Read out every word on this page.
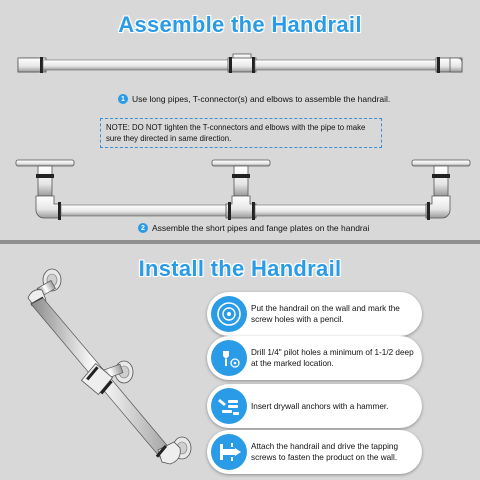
Assemble the Handrail
1 Use long pipes, T-connector(s) and elbows to assemble the handrail.
NOTE: DO NOT tighten the T-connectors and elbows with the pipe to make sure they directed in same direction.
2 Assemble the short pipes and fange plates on the handrai
Install the Handrail
Put the handrail on the wall and mark the screw holes with a pencil.
Drill 1/4" pilot holes a minimum of 1-1/2 deep at the marked location.
Insert drywall anchors with a hammer.
Attach the handrail and drive the tapping screws to fasten the product on the wall.
